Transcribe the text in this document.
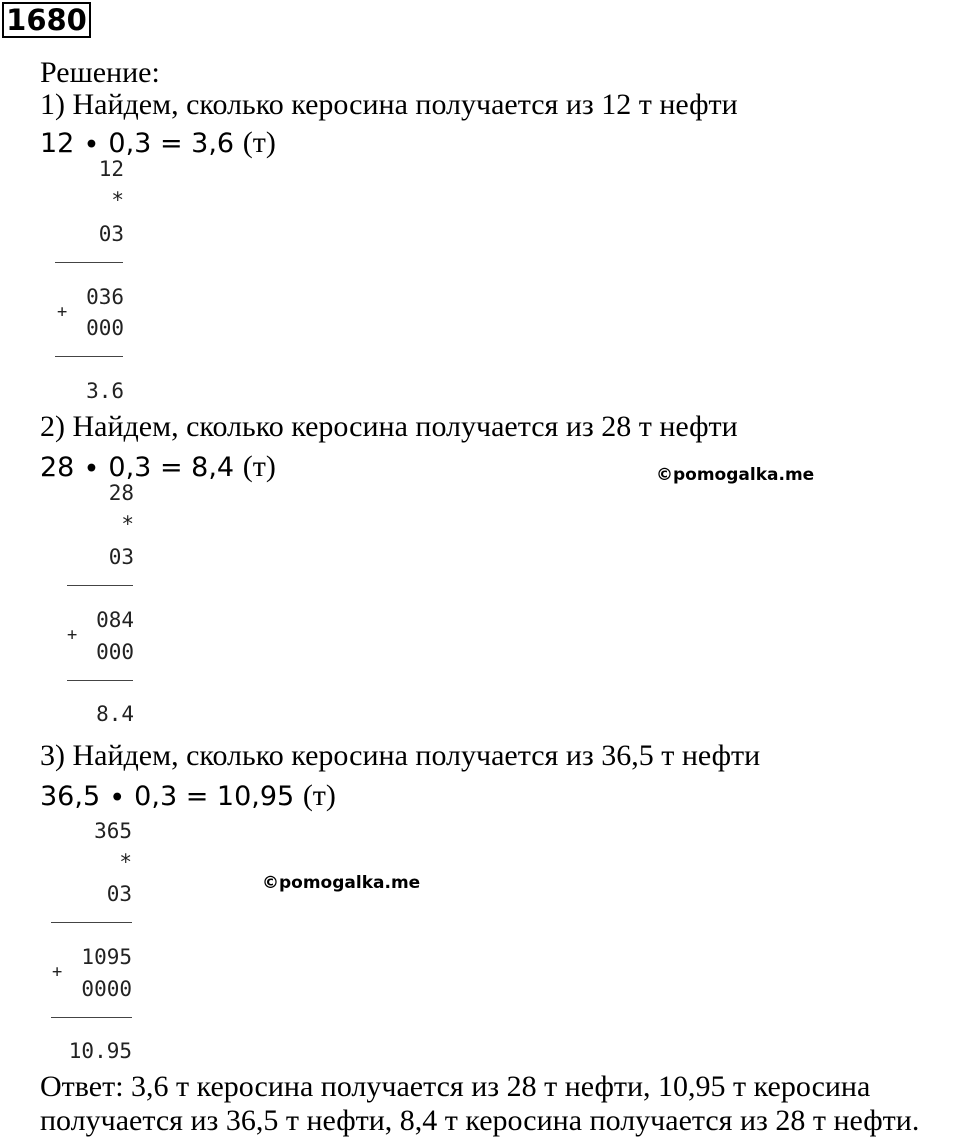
1680
Решение:
1) Найдем, сколько керосина получается из 12 т нефти
12 ∙ 0,3 = 3,6 (т)
12
*
03
+
036
000
3.6
2) Найдем, сколько керосина получается из 28 т нефти
28 ∙ 0,3 = 8,4 (т)	©pomogalka.me
28
*
03
+
084
000
8.4
3) Найдем, сколько керосина получается из 36,5 т нефти
36,5 ∙ 0,3 = 10,95 (т)
©pomogalka.me
365
*
03
+
1095
0000
10.95
Ответ: 3,6 т керосина получается из 28 т нефти, 10,95 т керосина
получается из 36,5 т нефти, 8,4 т керосина получается из 28 т нефти.
